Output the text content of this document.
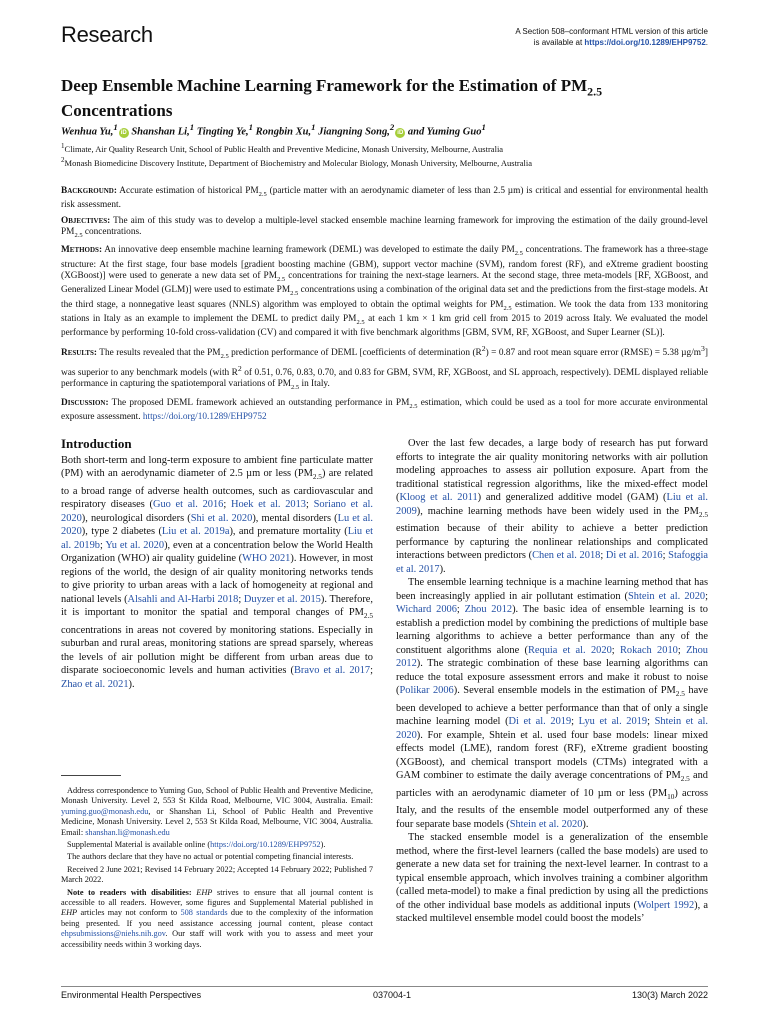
Research	A Section 508–conformant HTML version of this article
is available at https://doi.org/10.1289/EHP9752.
Deep Ensemble Machine Learning Framework for the Estimation of $PM_{2.5}$
Concentrations
Wenhua Yu,$^1$iD Shanshan Li,$^1$ Tingting Ye,$^1$ Rongbin Xu,$^1$ Jiangning Song,$^2$iD and Yuming Guo$^1$
$^1$Climate, Air Quality Research Unit, School of Public Health and Preventive Medicine, Monash University, Melbourne, Australia
$^2$Monash Biomedicine Discovery Institute, Department of Biochemistry and Molecular Biology, Monash University, Melbourne, Australia

Background: Accurate estimation of historical $PM_{2.5}$ (particle matter with an aerodynamic diameter of less than 2.5 µm) is critical and essential for environmental health risk assessment.

Objectives: The aim of this study was to develop a multiple-level stacked ensemble machine learning framework for improving the estimation of the daily ground-level $PM_{2.5}$ concentrations.

Methods: An innovative deep ensemble machine learning framework (DEML) was developed to estimate the daily $PM_{2.5}$ concentrations. The framework has a three-stage structure: At the first stage, four base models [gradient boosting machine (GBM), support vector machine (SVM), random forest (RF), and eXtreme gradient boosting (XGBoost)] were used to generate a new data set of $PM_{2.5}$ concentrations for training the next-stage learners. At the second stage, three meta-models [RF, XGBoost, and Generalized Linear Model (GLM)] were used to estimate $PM_{2.5}$ concentrations using a combination of the original data set and the predictions from the first-stage models. At the third stage, a nonnegative least squares (NNLS) algorithm was employed to obtain the optimal weights for $PM_{2.5}$ estimation. We took the data from 133 monitoring stations in Italy as an example to implement the DEML to predict daily $PM_{2.5}$ at each 1 km × 1 km grid cell from 2015 to 2019 across Italy. We evaluated the model performance by performing 10-fold cross-validation (CV) and compared it with five benchmark algorithms [GBM, SVM, RF, XGBoost, and Super Learner (SL)].

Results: The results revealed that the $PM_{2.5}$ prediction performance of DEML [coefficients of determination $(R^2) = 0.87$ and root mean square error (RMSE) = 5.38 $\mu g/m^3$] was superior to any benchmark models (with $R^2$ of 0.51, 0.76, 0.83, 0.70, and 0.83 for GBM, SVM, RF, XGBoost, and SL approach, respectively). DEML displayed reliable performance in capturing the spatiotemporal variations of $PM_{2.5}$ in Italy.

Discussion: The proposed DEML framework achieved an outstanding performance in $PM_{2.5}$ estimation, which could be used as a tool for more accurate environmental exposure assessment. https://doi.org/10.1289/EHP9752

Introduction

Both short-term and long-term exposure to ambient fine particulate matter (PM) with an aerodynamic diameter of 2.5 µm or less $(PM_{2.5})$ are related to a broad range of adverse health outcomes, such as cardiovascular and respiratory diseases (Guo et al. 2016; Hoek et al. 2013; Soriano et al. 2020), neurological disorders (Shi et al. 2020), mental disorders (Lu et al. 2020), type 2 diabetes (Liu et al. 2019a), and premature mortality (Liu et al. 2019b; Yu et al. 2020), even at a concentration below the World Health Organization (WHO) air quality guideline (WHO 2021). However, in most regions of the world, the design of air quality monitoring networks tends to give priority to urban areas with a lack of homogeneity at regional and national levels (Alsahli and Al-Harbi 2018; Duyzer et al. 2015). Therefore, it is important to monitor the spatial and temporal changes of $PM_{2.5}$ concentrations in areas not covered by monitoring stations. Especially in suburban and rural areas, monitoring stations are spread sparsely, whereas the levels of air pollution might be different from urban areas due to disparate socioeconomic levels and human activities (Bravo et al. 2017; Zhao et al. 2021).

Address correspondence to Yuming Guo, School of Public Health and Preventive Medicine, Monash University. Level 2, 553 St Kilda Road, Melbourne, VIC 3004, Australia. Email: yuming.guo@monash.edu, or Shanshan Li, School of Public Health and Preventive Medicine, Monash University. Level 2, 553 St Kilda Road, Melbourne, VIC 3004, Australia. Email: shanshan.li@monash.edu

Supplemental Material is available online (https://doi.org/10.1289/EHP9752).

The authors declare that they have no actual or potential competing financial interests.

Received 2 June 2021; Revised 14 February 2022; Accepted 14 February 2022; Published 7 March 2022.

Note to readers with disabilities: EHP strives to ensure that all journal content is accessible to all readers. However, some figures and Supplemental Material published in EHP articles may not conform to 508 standards due to the complexity of the information being presented. If you need assistance accessing journal content, please contact ehpsubmissions@niehs.nih.gov. Our staff will work with you to assess and meet your accessibility needs within 3 working days.

Over the last few decades, a large body of research has put forward efforts to integrate the air quality monitoring networks with air pollution modeling approaches to assess air pollution exposure. Apart from the traditional statistical regression algorithms, like the mixed-effect model (Kloog et al. 2011) and generalized additive model (GAM) (Liu et al. 2009), machine learning methods have been widely used in the $PM_{2.5}$ estimation because of their ability to achieve a better prediction performance by capturing the nonlinear relationships and complicated interactions between predictors (Chen et al. 2018; Di et al. 2016; Stafoggia et al. 2017).

The ensemble learning technique is a machine learning method that has been increasingly applied in air pollutant estimation (Shtein et al. 2020; Wichard 2006; Zhou 2012). The basic idea of ensemble learning is to establish a prediction model by combining the predictions of multiple base learning algorithms to achieve a better performance than any of the constituent algorithms alone (Requia et al. 2020; Rokach 2010; Zhou 2012). The strategic combination of these base learning algorithms can reduce the total exposure assessment errors and make it robust to noise (Polikar 2006). Several ensemble models in the estimation of $PM_{2.5}$ have been developed to achieve a better performance than that of only a single machine learning model (Di et al. 2019; Lyu et al. 2019; Shtein et al. 2020). For example, Shtein et al. used four base models: linear mixed effects model (LME), random forest (RF), eXtreme gradient boosting (XGBoost), and chemical transport models (CTMs) integrated with a GAM combiner to estimate the daily average concentrations of $PM_{2.5}$ and particles with an aerodynamic diameter of 10 µm or less $(PM_{10})$ across Italy, and the results of the ensemble model outperformed any of these four separate base models (Shtein et al. 2020).

The stacked ensemble model is a generalization of the ensemble method, where the first-level learners (called the base models) are used to generate a new data set for training the next-level learner. In contrast to a typical ensemble approach, which involves training a combiner algorithm (called meta-model) to make a final prediction by using all the predictions of the other individual base models as additional inputs (Wolpert 1992), a stacked multilevel ensemble model could boost the models’

Environmental Health Perspectives	037004-1	130(3) March 2022
